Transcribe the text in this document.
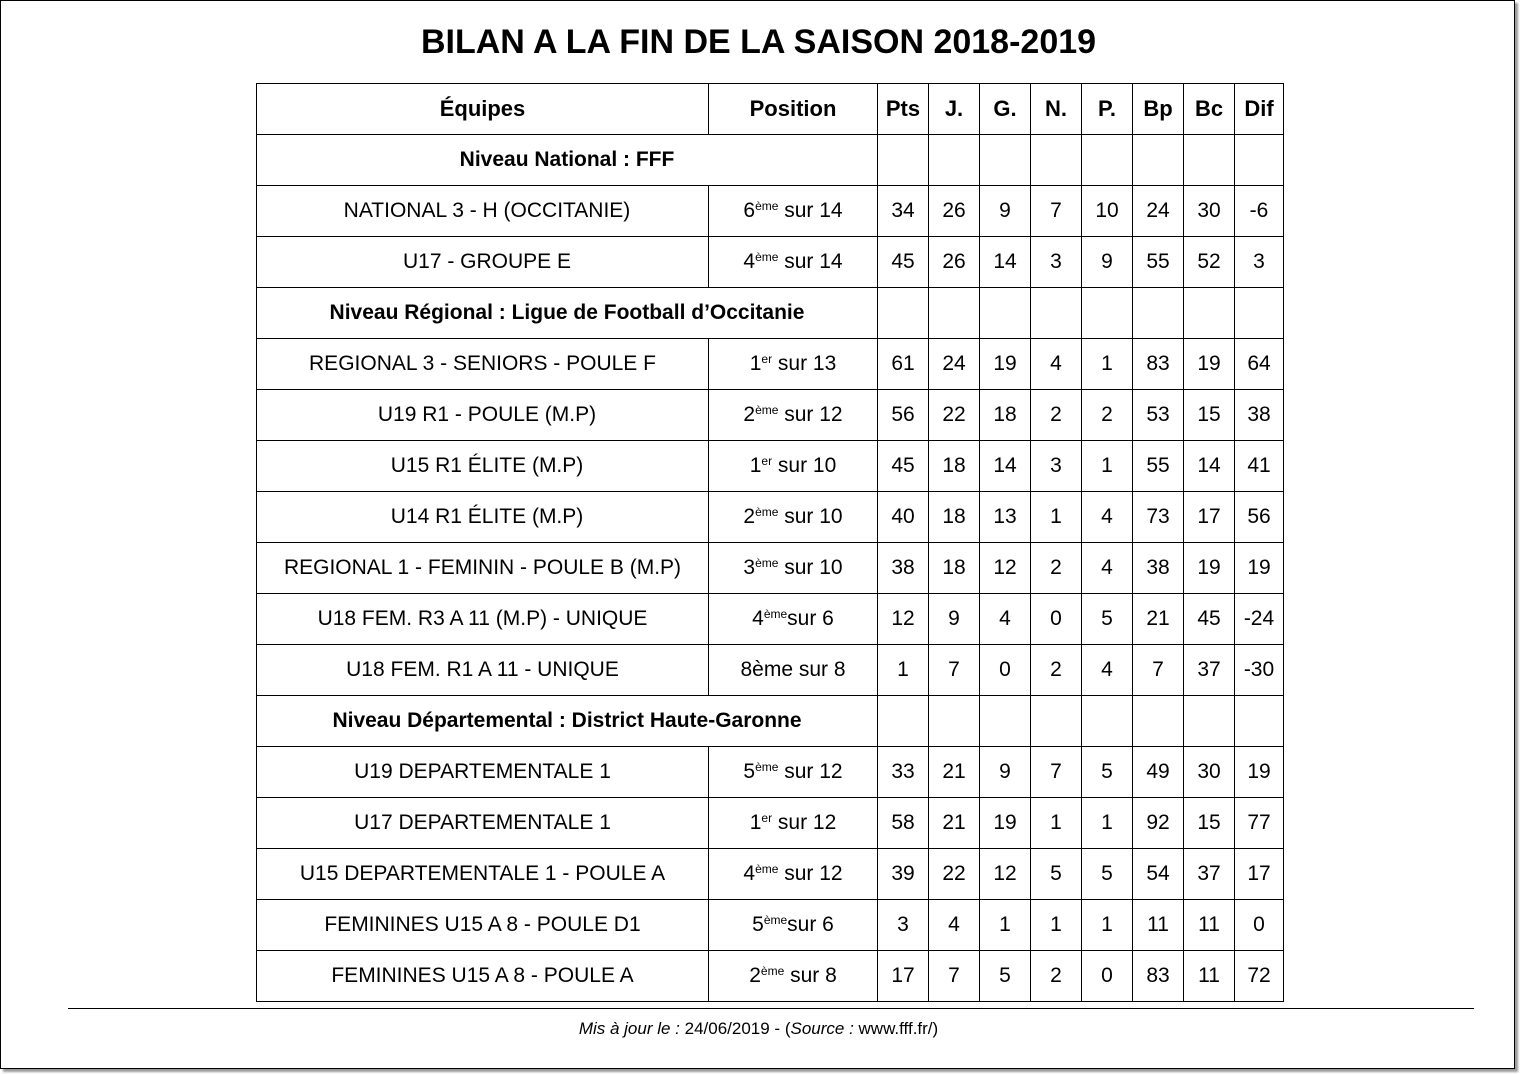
BILAN A LA FIN DE LA SAISON 2018-2019
Équipes	Position	Pts	J.	G.	N.	P.	Bp	Bc	Dif
Niveau National : FFF									
NATIONAL 3 - H (OCCITANIE)	6ème sur 14	34	26	9	7	10	24	30	-6
U17 - GROUPE E	4ème sur 14	45	26	14	3	9	55	52	3
Niveau Régional : Ligue de Football d’Occitanie									
REGIONAL 3 - SENIORS - POULE F	1er sur 13	61	24	19	4	1	83	19	64
U19 R1 - POULE (M.P)	2ème sur 12	56	22	18	2	2	53	15	38
U15 R1 ÉLITE (M.P)	1er sur 10	45	18	14	3	1	55	14	41
U14 R1 ÉLITE (M.P)	2ème sur 10	40	18	13	1	4	73	17	56
REGIONAL 1 - FEMININ - POULE B (M.P)	3ème sur 10	38	18	12	2	4	38	19	19
U18 FEM. R3 A 11 (M.P) - UNIQUE	4èmesur 6	12	9	4	0	5	21	45	-24
U18 FEM. R1 A 11 - UNIQUE	8ème sur 8	1	7	0	2	4	7	37	-30
Niveau Départemental : District Haute-Garonne									
U19 DEPARTEMENTALE 1	5ème sur 12	33	21	9	7	5	49	30	19
U17 DEPARTEMENTALE 1	1er sur 12	58	21	19	1	1	92	15	77
U15 DEPARTEMENTALE 1 - POULE A	4ème sur 12	39	22	12	5	5	54	37	17
FEMININES U15 A 8 - POULE D1	5èmesur 6	3	4	1	1	1	11	11	0
FEMININES U15 A 8 - POULE A	2ème sur 8	17	7	5	2	0	83	11	72
Mis à jour le : 24/06/2019 - (Source : www.fff.fr/)
